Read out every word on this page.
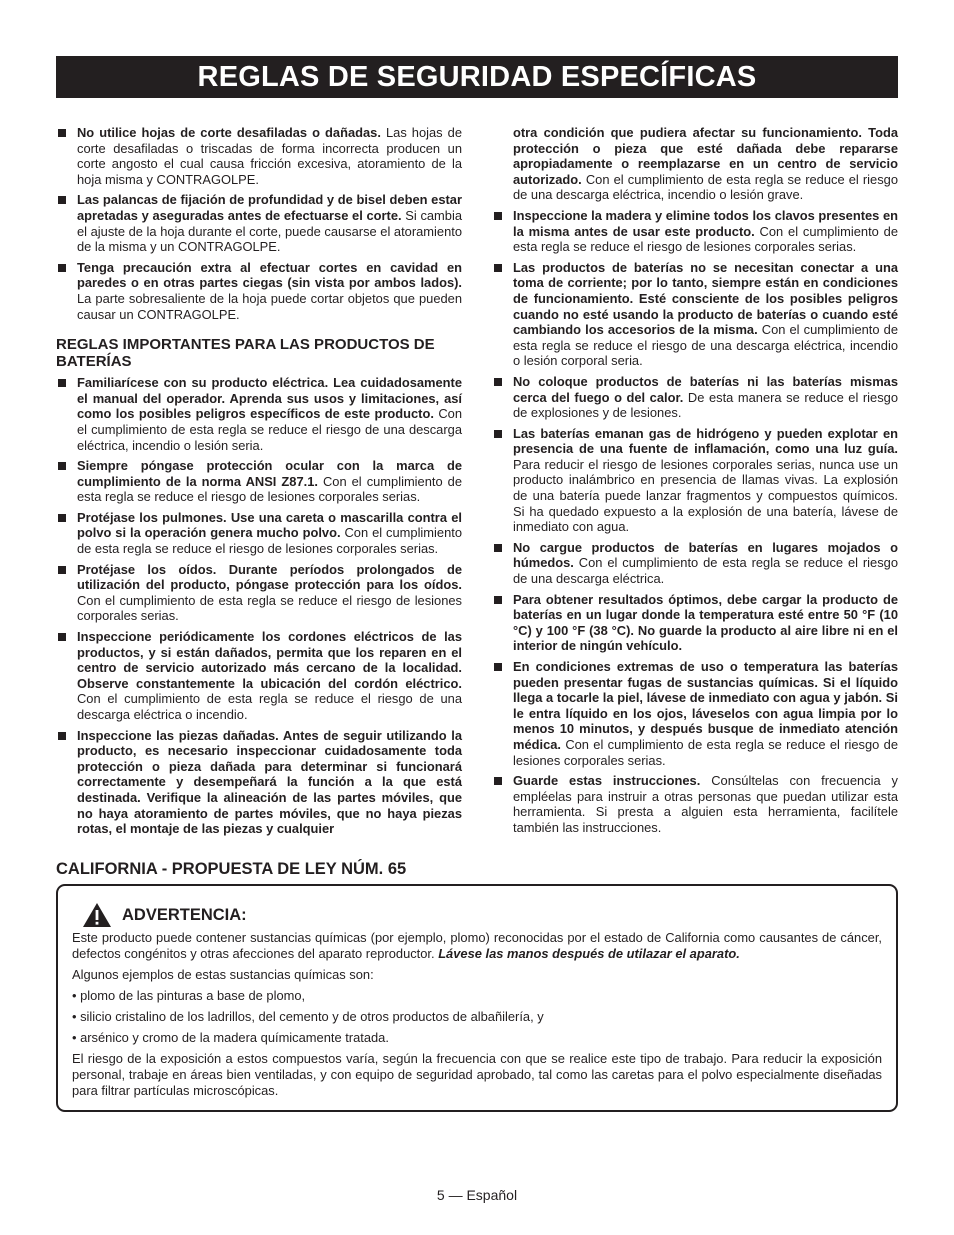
REGLAS DE SEGURIDAD ESPECÍFICAS
No utilice hojas de corte desafiladas o dañadas. Las hojas de corte desafiladas o triscadas de forma incorrecta producen un corte angosto el cual causa fricción excesiva, atoramiento de la hoja misma y CONTRAGOLPE.
Las palancas de fijación de profundidad y de bisel deben estar apretadas y aseguradas antes de efectuarse el corte. Si cambia el ajuste de la hoja durante el corte, puede causarse el atoramiento de la misma y un CONTRAGOLPE.
Tenga precaución extra al efectuar cortes en cavidad en paredes o en otras partes ciegas (sin vista por ambos lados). La parte sobresaliente de la hoja puede cortar objetos que pueden causar un CONTRAGOLPE.
REGLAS IMPORTANTES PARA LAS PRODUCTOS DE BATERÍAS
Familiarícese con su producto eléctrica. Lea cuidadosamente el manual del operador. Aprenda sus usos y limitaciones, así como los posibles peligros específicos de este producto. Con el cumplimiento de esta regla se reduce el riesgo de una descarga eléctrica, incendio o lesión seria.
Siempre póngase protección ocular con la marca de cumplimiento de la norma ANSI Z87.1. Con el cumplimiento de esta regla se reduce el riesgo de lesiones corporales serias.
Protéjase los pulmones. Use una careta o mascarilla contra el polvo si la operación genera mucho polvo. Con el cumplimiento de esta regla se reduce el riesgo de lesiones corporales serias.
Protéjase los oídos. Durante períodos prolongados de utilización del producto, póngase protección para los oídos. Con el cumplimiento de esta regla se reduce el riesgo de lesiones corporales serias.
Inspeccione periódicamente los cordones eléctricos de las productos, y si están dañados, permita que los reparen en el centro de servicio autorizado más cercano de la localidad. Observe constantemente la ubicación del cordón eléctrico. Con el cumplimiento de esta regla se reduce el riesgo de una descarga eléctrica o incendio.
Inspeccione las piezas dañadas. Antes de seguir utilizando la producto, es necesario inspeccionar cuidadosamente toda protección o pieza dañada para determinar si funcionará correctamente y desempeñará la función a la que está destinada. Verifique la alineación de las partes móviles, que no haya atoramiento de partes móviles, que no haya piezas rotas, el montaje de las piezas y cualquier
otra condición que pudiera afectar su funcionamiento. Toda protección o pieza que esté dañada debe repararse apropiadamente o reemplazarse en un centro de servicio autorizado. Con el cumplimiento de esta regla se reduce el riesgo de una descarga eléctrica, incendio o lesión grave.
Inspeccione la madera y elimine todos los clavos presentes en la misma antes de usar este producto. Con el cumplimiento de esta regla se reduce el riesgo de lesiones corporales serias.
Las productos de baterías no se necesitan conectar a una toma de corriente; por lo tanto, siempre están en condiciones de funcionamiento. Esté consciente de los posibles peligros cuando no esté usando la producto de baterías o cuando esté cambiando los accesorios de la misma. Con el cumplimiento de esta regla se reduce el riesgo de una descarga eléctrica, incendio o lesión corporal seria.
No coloque productos de baterías ni las baterías mismas cerca del fuego o del calor. De esta manera se reduce el riesgo de explosiones y de lesiones.
Las baterías emanan gas de hidrógeno y pueden explotar en presencia de una fuente de inflamación, como una luz guía. Para reducir el riesgo de lesiones corporales serias, nunca use un producto inalámbrico en presencia de llamas vivas. La explosión de una batería puede lanzar fragmentos y compuestos químicos. Si ha quedado expuesto a la explosión de una batería, lávese de inmediato con agua.
No cargue productos de baterías en lugares mojados o húmedos. Con el cumplimiento de esta regla se reduce el riesgo de una descarga eléctrica.
Para obtener resultados óptimos, debe cargar la producto de baterías en un lugar donde la temperatura esté entre 50 °F (10 °C) y 100 °F (38 °C). No guarde la producto al aire libre ni en el interior de ningún vehículo.
En condiciones extremas de uso o temperatura las baterías pueden presentar fugas de sustancias químicas. Si el líquido llega a tocarle la piel, lávese de inmediato con agua y jabón. Si le entra líquido en los ojos, láveselos con agua limpia por lo menos 10 minutos, y después busque de inmediato atención médica. Con el cumplimiento de esta regla se reduce el riesgo de lesiones corporales serias.
Guarde estas instrucciones. Consúltelas con frecuencia y empléelas para instruir a otras personas que puedan utilizar esta herramienta. Si presta a alguien esta herramienta, facilítele también las instrucciones.
CALIFORNIA - PROPUESTA DE LEY NÚM. 65
ADVERTENCIA:

Este producto puede contener sustancias químicas (por ejemplo, plomo) reconocidas por el estado de California como causantes de cáncer, defectos congénitos y otras afecciones del aparato reproductor. Lávese las manos después de utilazar el aparato.

Algunos ejemplos de estas sustancias químicas son:

• plomo de las pinturas a base de plomo,

• silicio cristalino de los ladrillos, del cemento y de otros productos de albañilería, y

• arsénico y cromo de la madera químicamente tratada.

El riesgo de la exposición a estos compuestos varía, según la frecuencia con que se realice este tipo de trabajo. Para reducir la exposición personal, trabaje en áreas bien ventiladas, y con equipo de seguridad aprobado, tal como las caretas para el polvo especialmente diseñadas para filtrar partículas microscópicas.

5 — Español
